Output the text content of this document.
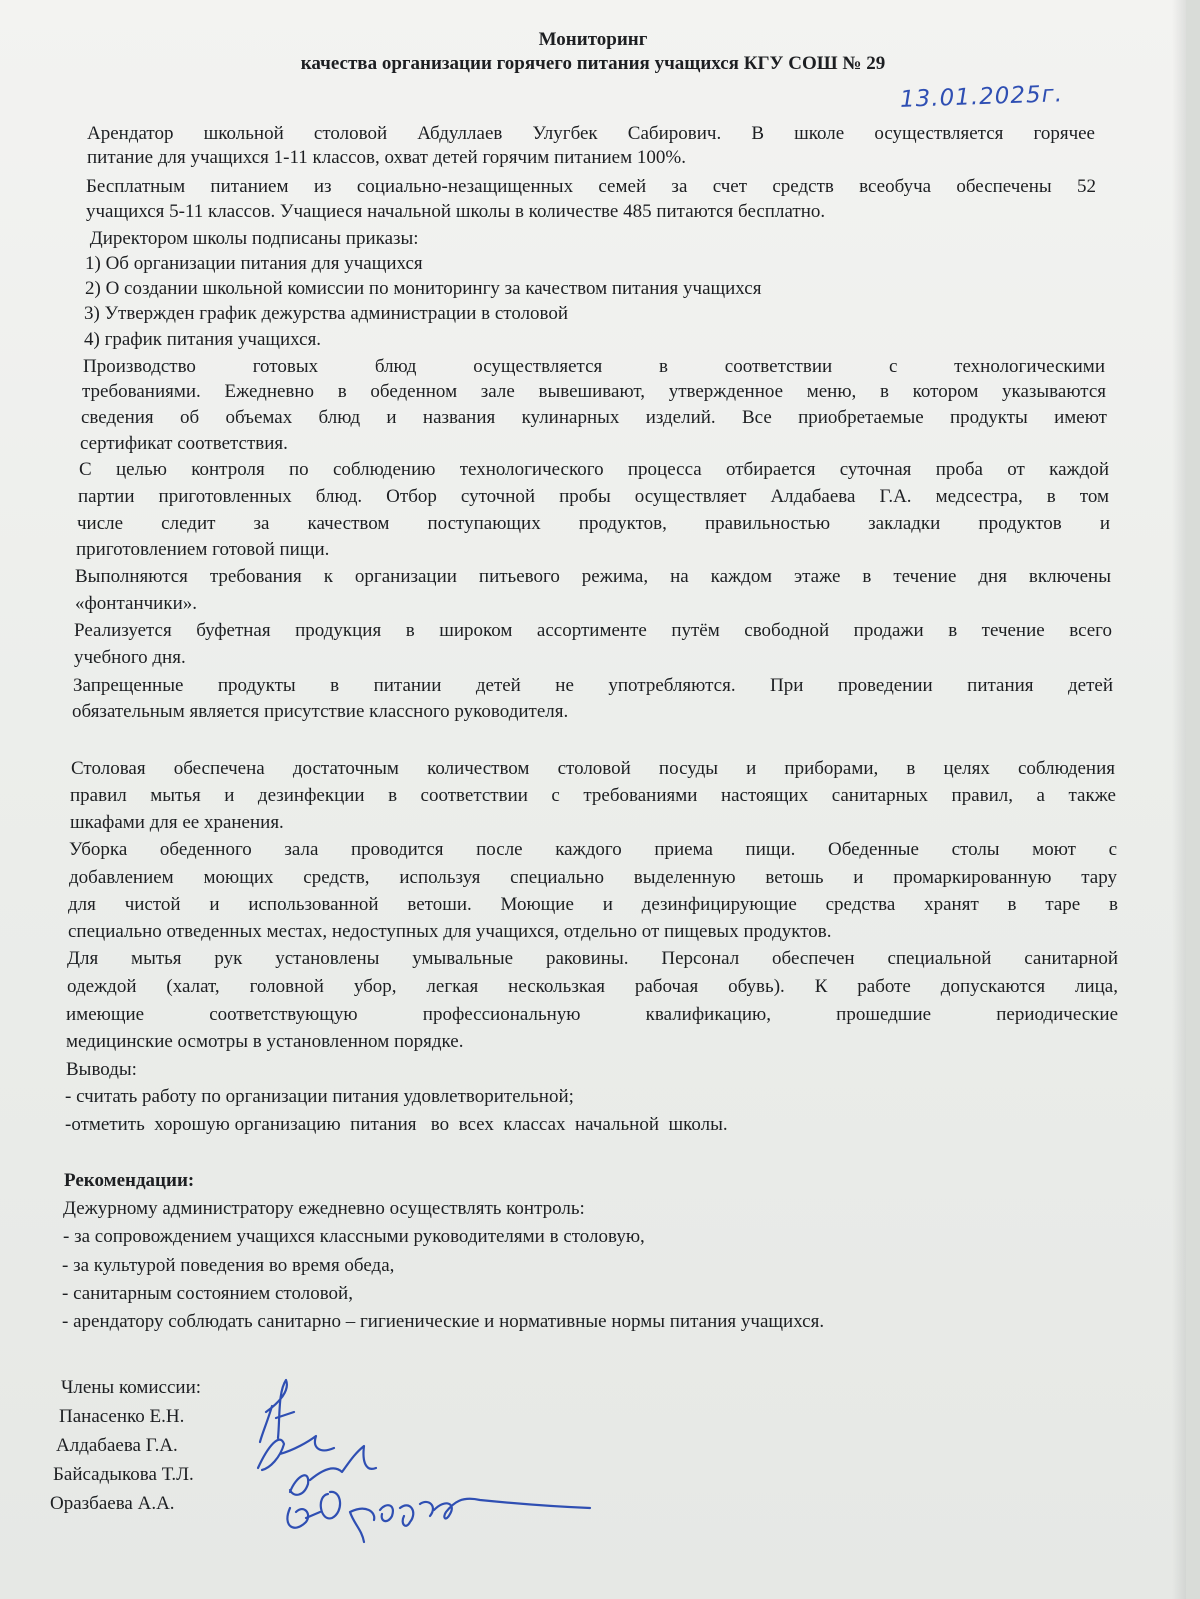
Мониторинг

качества организации горячего питания учащихся КГУ СОШ № 29

13.01.2025г.

Арендатор школьной столовой Абдуллаев Улугбек Сабирович. В школе осуществляется горячее

питание для учащихся 1-11 классов, охват детей горячим питанием 100%.

Бесплатным питанием из социально-незащищенных семей за счет средств всеобуча обеспечены 52

учащихся 5-11 классов. Учащиеся начальной школы в количестве 485 питаются бесплатно.

Директором школы подписаны приказы:

1) Об организации питания для учащихся

2) О создании школьной комиссии по мониторингу за качеством питания учащихся

3) Утвержден график дежурства администрации в столовой

4) график питания учащихся.

Производство готовых блюд осуществляется в соответствии с технологическими

требованиями. Ежедневно в обеденном зале вывешивают, утвержденное меню, в котором указываются

сведения об объемах блюд и названия кулинарных изделий. Все приобретаемые продукты имеют

сертификат соответствия.

С целью контроля по соблюдению технологического процесса отбирается суточная проба от каждой

партии приготовленных блюд. Отбор суточной пробы осуществляет Алдабаева Г.А. медсестра, в том

числе следит за качеством поступающих продуктов, правильностью закладки продуктов и

приготовлением готовой пищи.

Выполняются требования к организации питьевого режима, на каждом этаже в течение дня включены

«фонтанчики».

Реализуется буфетная продукция в широком ассортименте путём свободной продажи в течение всего

учебного дня.

Запрещенные продукты в питании детей не употребляются. При проведении питания детей

обязательным является присутствие классного руководителя.

Столовая обеспечена достаточным количеством столовой посуды и приборами, в целях соблюдения

правил мытья и дезинфекции в соответствии с требованиями настоящих санитарных правил, а также

шкафами для ее хранения.

Уборка обеденного зала проводится после каждого приема пищи. Обеденные столы моют с

добавлением моющих средств, используя специально выделенную ветошь и промаркированную тару

для чистой и использованной ветоши. Моющие и дезинфицирующие средства хранят в таре в

специально отведенных местах, недоступных для учащихся, отдельно от пищевых продуктов.

Для мытья рук установлены умывальные раковины. Персонал обеспечен специальной санитарной

одеждой (халат, головной убор, легкая нескользкая рабочая обувь). К работе допускаются лица,

имеющие соответствующую профессиональную квалификацию, прошедшие периодические

медицинские осмотры в установленном порядке.

Выводы:

- считать работу по организации питания удовлетворительной;

-отметить  хорошую организацию  питания   во  всех  классах  начальной  школы.

Рекомендации:

Дежурному администратору ежедневно осуществлять контроль:

- за сопровождением учащихся классными руководителями в столовую,

- за культурой поведения во время обеда,

- санитарным состоянием столовой,

- арендатору соблюдать санитарно – гигиенические и нормативные нормы питания учащихся.

Члены комиссии:

Панасенко Е.Н.

Алдабаева Г.А.

Байсадыкова Т.Л.

Оразбаева А.А.
